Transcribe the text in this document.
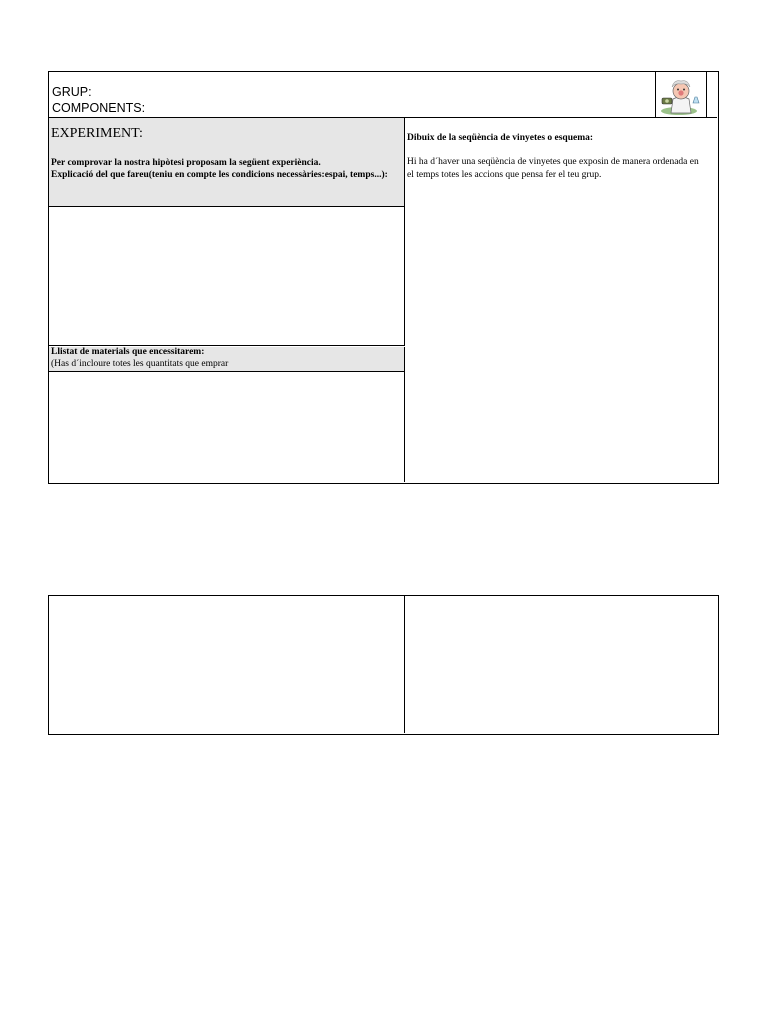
GRUP:
COMPONENTS:
EXPERIMENT:
Per comprovar la nostra hipòtesi proposam la següent experiència.
Explicació del que fareu(teniu en compte les condicions necessàries:espai, temps...):
Llistat de materials que encessitarem:
(Has d´incloure totes les quantitats que emprar
Dibuix de la seqüència de vinyetes o esquema:
Hi ha d´haver una seqüència de vinyetes que exposin de manera ordenada en el temps totes les accions que pensa fer el teu grup.
